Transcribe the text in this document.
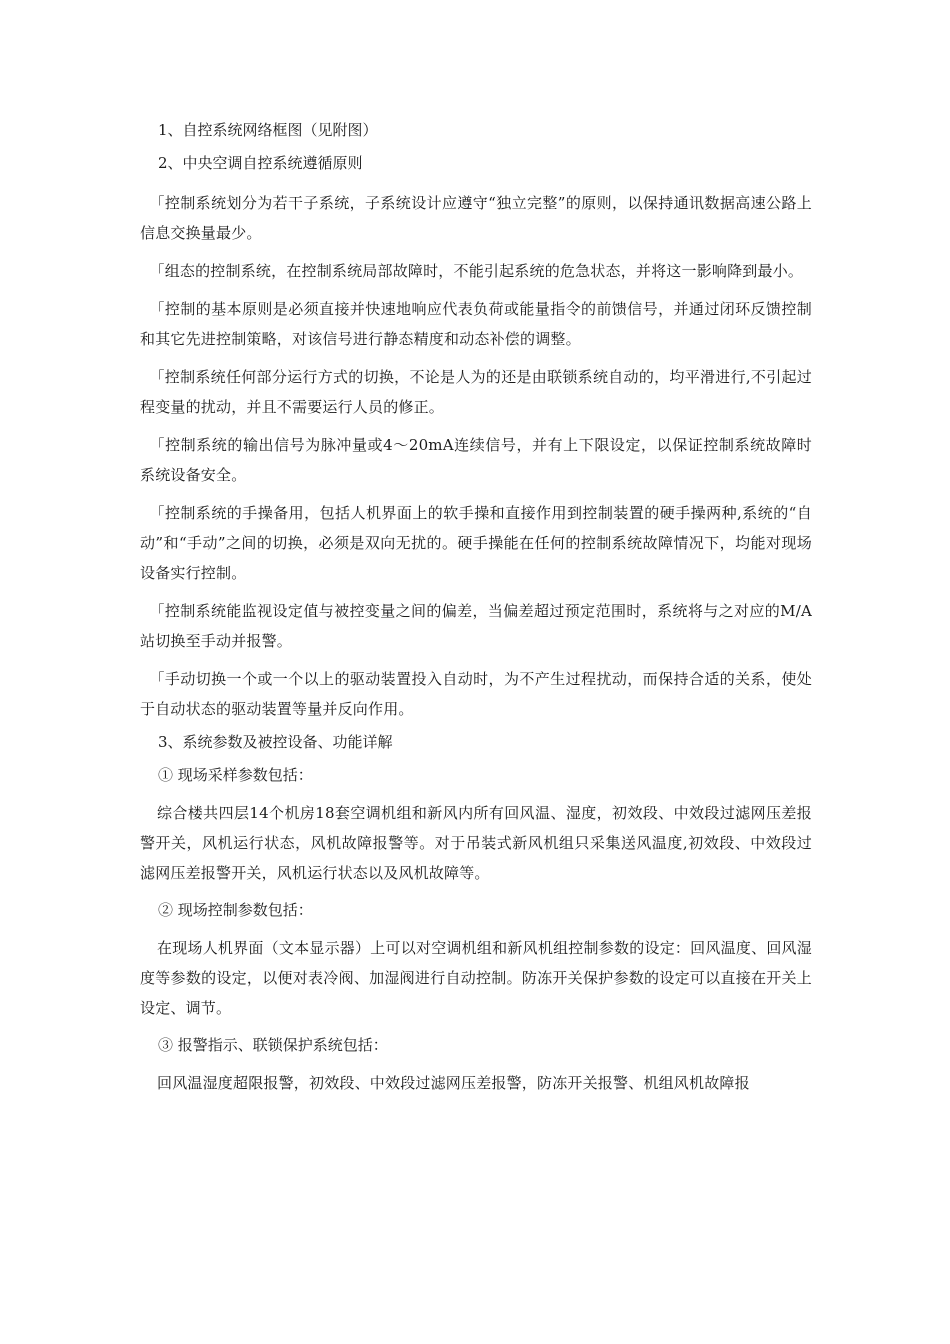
1、自控系统网络框图（见附图）

2、中央空调自控系统遵循原则

｢控制系统划分为若干子系统，子系统设计应遵守“独立完整”的原则，以保持通讯数据高速公路上信息交换量最少。

｢组态的控制系统，在控制系统局部故障时，不能引起系统的危急状态，并将这一影响降到最小。

｢控制的基本原则是必须直接并快速地响应代表负荷或能量指令的前馈信号，并通过闭环反馈控制和其它先进控制策略，对该信号进行静态精度和动态补偿的调整。

｢控制系统任何部分运行方式的切换，不论是人为的还是由联锁系统自动的，均平滑进行,不引起过程变量的扰动，并且不需要运行人员的修正。

｢控制系统的输出信号为脉冲量或4～20mA连续信号，并有上下限设定，以保证控制系统故障时系统设备安全。

｢控制系统的手操备用，包括人机界面上的软手操和直接作用到控制装置的硬手操两种,系统的“自动”和“手动”之间的切换，必须是双向无扰的。硬手操能在任何的控制系统故障情况下，均能对现场设备实行控制。

｢控制系统能监视设定值与被控变量之间的偏差，当偏差超过预定范围时，系统将与之对应的M/A站切换至手动并报警。

｢手动切换一个或一个以上的驱动装置投入自动时，为不产生过程扰动，而保持合适的关系，使处于自动状态的驱动装置等量并反向作用。

3、系统参数及被控设备、功能详解

① 现场采样参数包括：

综合楼共四层14个机房18套空调机组和新风内所有回风温、湿度，初效段、中效段过滤网压差报警开关，风机运行状态，风机故障报警等。对于吊装式新风机组只采集送风温度,初效段、中效段过滤网压差报警开关，风机运行状态以及风机故障等。

② 现场控制参数包括：

在现场人机界面（文本显示器）上可以对空调机组和新风机组控制参数的设定：回风温度、回风湿度等参数的设定，以便对表冷阀、加湿阀进行自动控制。防冻开关保护参数的设定可以直接在开关上设定、调节。

③ 报警指示、联锁保护系统包括：

回风温湿度超限报警，初效段、中效段过滤网压差报警，防冻开关报警、机组风机故障报
